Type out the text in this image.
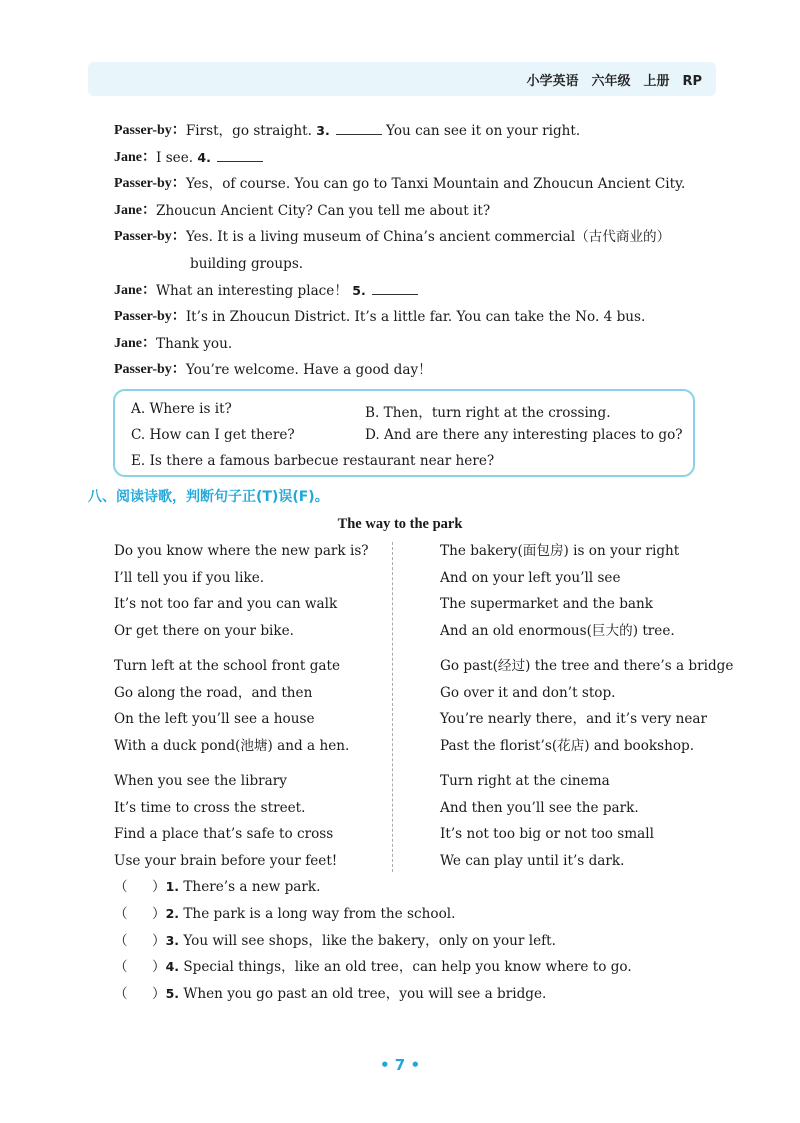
小学英语　六年级　上册　RP
Passer-by： First，go straight. 3.	You can see it on your right.
Jane： I see. 4.
Passer-by： Yes，of course. You can go to Tanxi Mountain and Zhoucun Ancient City.
Jane： Zhoucun Ancient City? Can you tell me about it?
Passer-by： Yes. It is a living museum of China’s ancient commercial（古代商业的）
building groups.
Jane： What an interesting place！ 5.
Passer-by： It’s in Zhoucun District. It’s a little far. You can take the No. 4 bus.
Jane： Thank you.
Passer-by： You’re welcome. Have a good day！
A. Where is it?	B. Then，turn right at the crossing.
C. How can I get there?	D. And are there any interesting places to go?
E. Is there a famous barbecue restaurant near here?
八、阅读诗歌，判断句子正(T)误(F)。
The way to the park
Do you know where the new park is?
I’ll tell you if you like.
It’s not too far and you can walk
Or get there on your bike.
Turn left at the school front gate
Go along the road，and then
On the left you’ll see a house
With a duck pond(池塘) and a hen.
When you see the library
It’s time to cross the street.
Find a place that’s safe to cross
Use your brain before your feet!
The bakery(面包房) is on your right
And on your left you’ll see
The supermarket and the bank
And an old enormous(巨大的) tree.
Go past(经过) the tree and there’s a bridge
Go over it and don’t stop.
You’re nearly there，and it’s very near
Past the florist’s(花店) and bookshop.
Turn right at the cinema
And then you’ll see the park.
It’s not too big or not too small
We can play until it’s dark.
（ ）1. There’s a new park.
（ ）2. The park is a long way from the school.
（ ）3. You will see shops，like the bakery，only on your left.
（ ）4. Special things，like an old tree，can help you know where to go.
（ ）5. When you go past an old tree，you will see a bridge.
• 7 •
